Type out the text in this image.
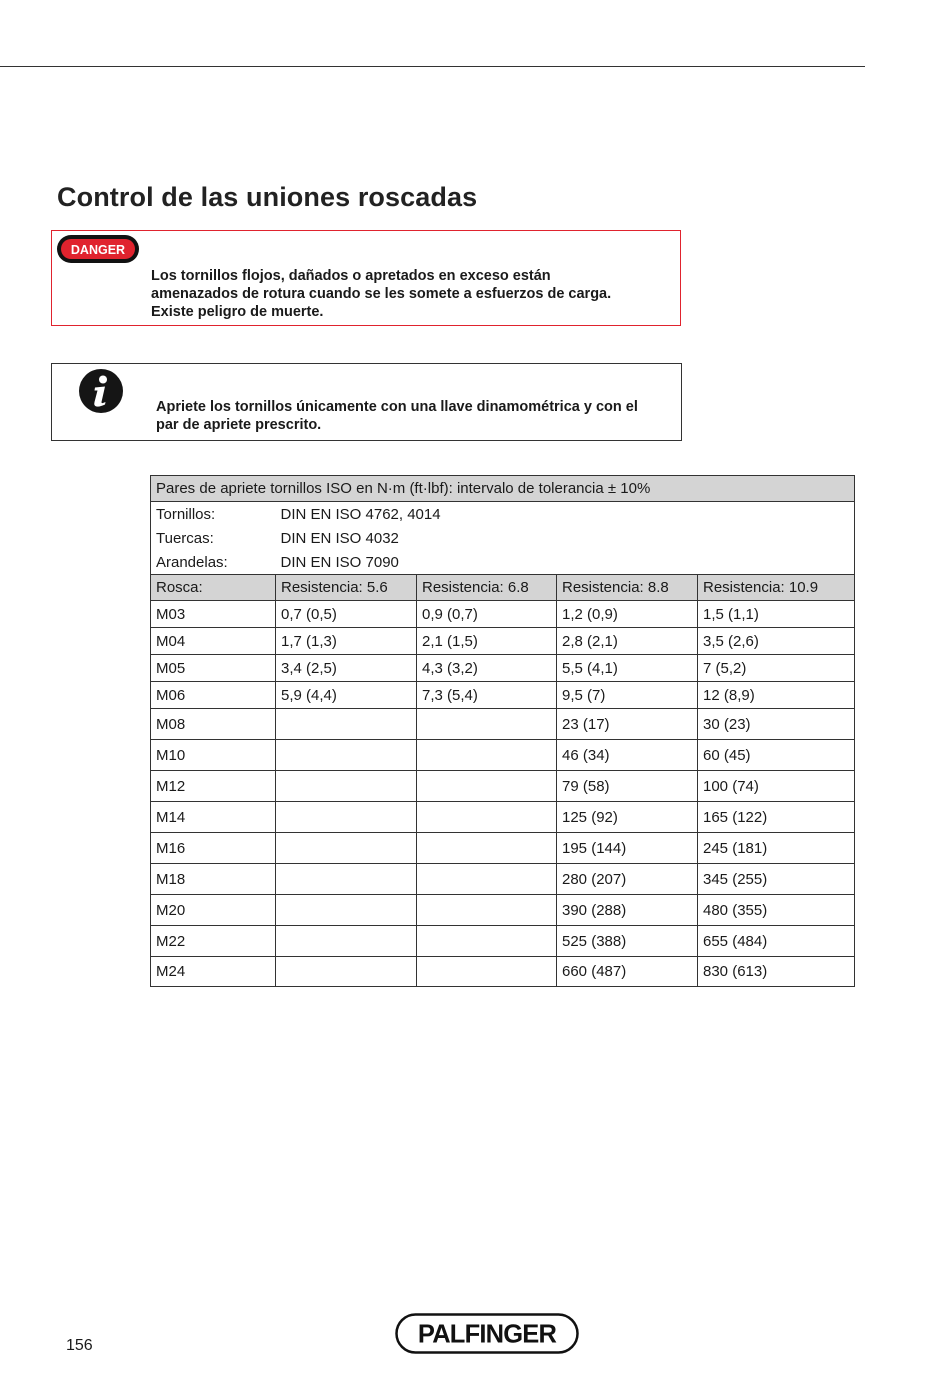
Control de las uniones roscadas
DANGER

Los tornillos flojos, dañados o apretados en exceso están
amenazados de rotura cuando se les somete a esfuerzos de carga.
Existe peligro de muerte.

Apriete los tornillos únicamente con una llave dinamométrica y con el
par de apriete prescrito.

Pares de apriete tornillos ISO en N·m (ft·lbf): intervalo de tolerancia ± 10%				
Tornillos:	DIN EN ISO 4762, 4014			
Tuercas:	DIN EN ISO 4032			
Arandelas:	DIN EN ISO 7090			
Rosca:	Resistencia: 5.6	Resistencia: 6.8	Resistencia: 8.8	Resistencia: 10.9
M03	0,7 (0,5)	0,9 (0,7)	1,2 (0,9)	1,5 (1,1)
M04	1,7 (1,3)	2,1 (1,5)	2,8 (2,1)	3,5 (2,6)
M05	3,4 (2,5)	4,3 (3,2)	5,5 (4,1)	7 (5,2)
M06	5,9 (4,4)	7,3 (5,4)	9,5 (7)	12 (8,9)
M08			23 (17)	30 (23)
M10			46 (34)	60 (45)
M12			79 (58)	100 (74)
M14			125 (92)	165 (122)
M16			195 (144)	245 (181)
M18			280 (207)	345 (255)
M20			390 (288)	480 (355)
M22			525 (388)	655 (484)
M24			660 (487)	830 (613)
156	PALFINGER
